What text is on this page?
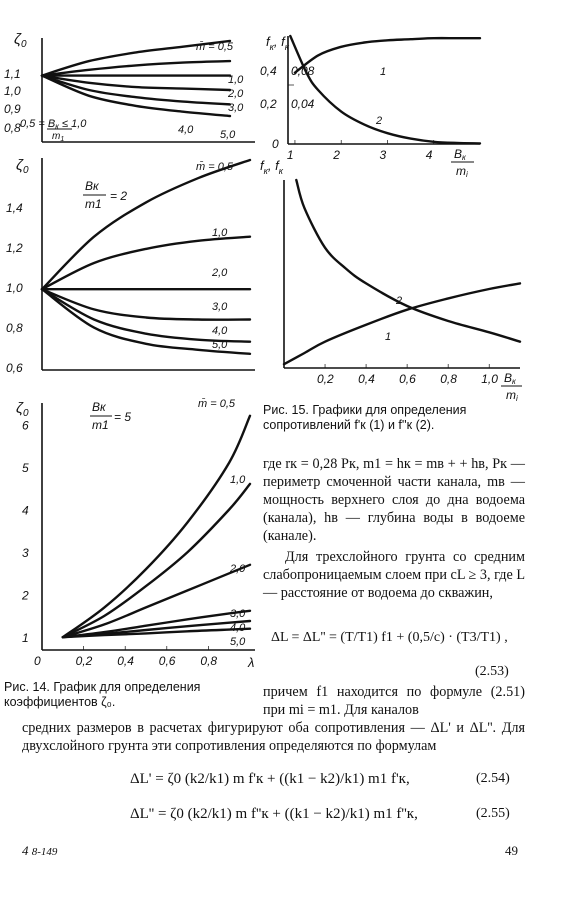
$\zeta_0$
1,1
1,0
0,9
0,8
m̄ = 0,5
1,0
2,0
3,0
4,0 5,0
0,5 = Bк ≤ 1,0
$m_1$
$\zeta_0$
1,4
1,2
1,0
0,8
0,6
Bк
m1
= 2
m̄ = 0,5
1,0
2,0
3,0
4,0
5,0
$\zeta_0$	Bк
m1
= 5
m̄ = 0,5
1,0
2,0
3,0
4,0
5,0
λ
0	0,2 0,4 0,6 0,8
6
5
4
3
2
1
$f_к$, $f_к$
0,4
0,2
0
0,08
0,04
Bк
mi
1
2
1	2	3	4
$f_к$, $f_к$
Bк
mi
2
1
0,2 0,4 0,6 0,8 1,0
Рис. 14. График для определения коэффициентов ζ₀.
Рис. 15. Графики для определения сопротивлений f'к (1) и f''к (2).
где rк = 0,28 Pк, m1 = hк = mв + + hв, Pк — периметр смоченной части канала, mв — мощность верхнего слоя до дна водоема (канала), hв — глубина воды в водоеме (канале).
Для трехслойного грунта со средним слабопроницаемым слоем при cL ≥ 3, где L — расстояние от водоема до скважин,
ΔL = ΔL'' = (T/T1) f1 + (0,5/c) · (T3/T1) ,
(2.53)
причем f1 находится по формуле (2.51) при mi = m1. Для каналов
средних размеров в расчетах фигурируют оба сопротивления — ΔL' и ΔL''. Для двухслойного грунта эти сопротивления определяются по формулам
ΔL' = ζ0 (k2/k1) m f'к + ((k1 − k2)/k1) m1 f'к,	(2.54)
ΔL'' = ζ0 (k2/k1) m f''к + ((k1 − k2)/k1) m1 f''к,	(2.55)
4 8-149	49
